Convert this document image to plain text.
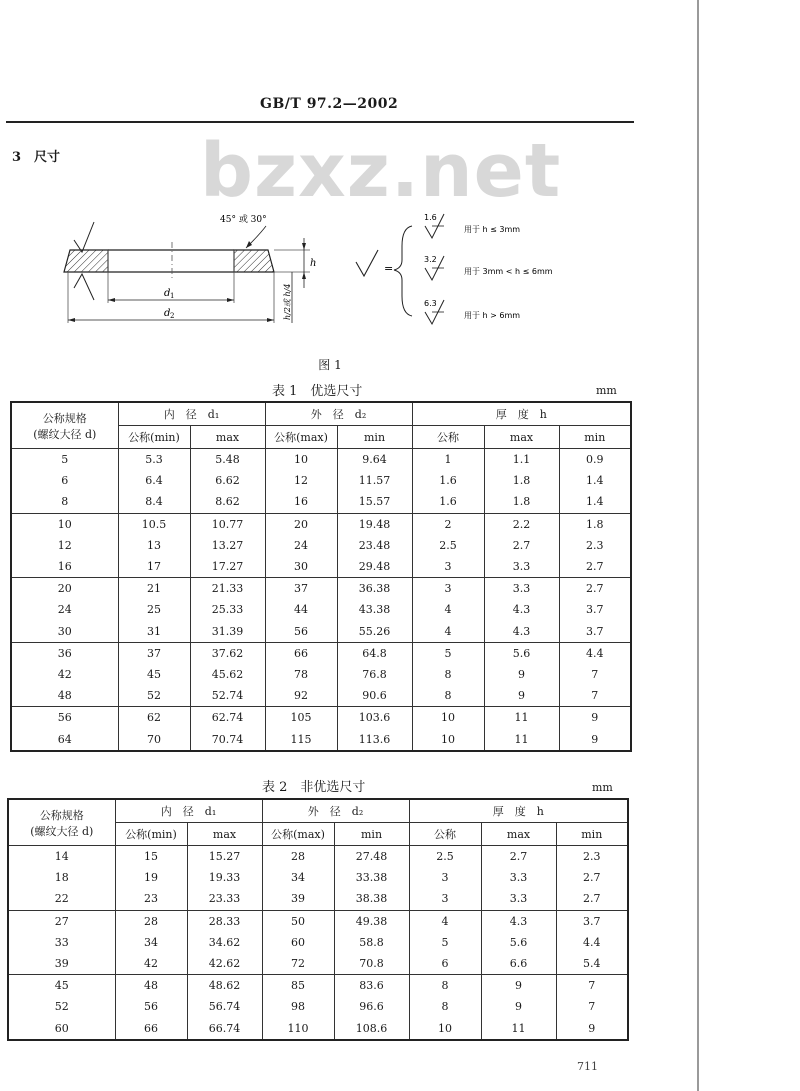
GB/T 97.2—2002
3　尺寸 bzxz.net
d 1
d 2
45° 或 30°
h
h/2或 h/4
=
1.6
用于 h ≤ 3mm
3.2
用于 3mm < h ≤ 6mm
6.3
用于 h > 6mm
图 1
表 1　优选尺寸	mm
公称规格
(螺纹大径 d)	内　径　d₁		外　径　d₂		厚　度　h		
	公称(min)	max	公称(max)	min	公称	max	min
5	5.3	5.48	10	9.64	1	1.1	0.9
6	6.4	6.62	12	11.57	1.6	1.8	1.4
8	8.4	8.62	16	15.57	1.6	1.8	1.4
10	10.5	10.77	20	19.48	2	2.2	1.8
12	13	13.27	24	23.48	2.5	2.7	2.3
16	17	17.27	30	29.48	3	3.3	2.7
20	21	21.33	37	36.38	3	3.3	2.7
24	25	25.33	44	43.38	4	4.3	3.7
30	31	31.39	56	55.26	4	4.3	3.7
36	37	37.62	66	64.8	5	5.6	4.4
42	45	45.62	78	76.8	8	9	7
48	52	52.74	92	90.6	8	9	7
56	62	62.74	105	103.6	10	11	9
64	70	70.74	115	113.6	10	11	9
表 2　非优选尺寸	mm
公称规格
(螺纹大径 d)	内　径　d₁		外　径　d₂		厚　度　h		
	公称(min)	max	公称(max)	min	公称	max	min
14	15	15.27	28	27.48	2.5	2.7	2.3
18	19	19.33	34	33.38	3	3.3	2.7
22	23	23.33	39	38.38	3	3.3	2.7
27	28	28.33	50	49.38	4	4.3	3.7
33	34	34.62	60	58.8	5	5.6	4.4
39	42	42.62	72	70.8	6	6.6	5.4
45	48	48.62	85	83.6	8	9	7
52	56	56.74	98	96.6	8	9	7
60	66	66.74	110	108.6	10	11	9
711
